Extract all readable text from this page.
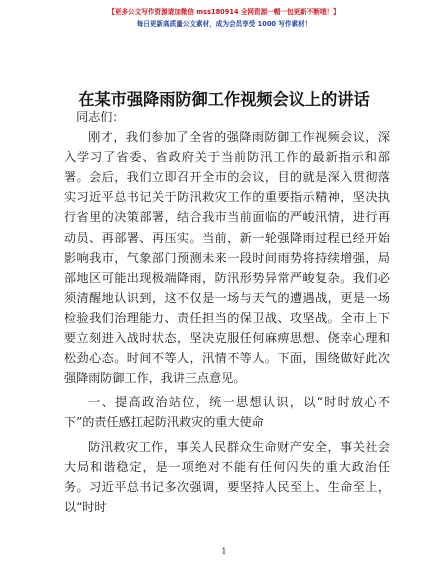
【更多公文写作资源请加微信 mss180914 全网资源一帽一包更新不断哦！】
每日更新高质量公文素材，成为会员享受 1000 写作素材！
在某市强降雨防御工作视频会议上的讲话

同志们：

刚才，我们参加了全省的强降雨防御工作视频会议，深入学习了省委、省政府关于当前防汛工作的最新指示和部署。会后，我们立即召开全市的会议，目的就是深入贯彻落实习近平总书记关于防汛救灾工作的重要指示精神，坚决执行省里的决策部署，结合我市当前面临的严峻汛情，进行再动员、再部署、再压实。当前，新一轮强降雨过程已经开始影响我市，气象部门预测未来一段时间雨势将持续增强，局部地区可能出现极端降雨，防汛形势异常严峻复杂。我们必须清醒地认识到，这不仅是一场与天气的遭遇战，更是一场检验我们治理能力、责任担当的保卫战、攻坚战。全市上下要立刻进入战时状态，坚决克服任何麻痹思想、侥幸心理和松劲心态。时间不等人，汛情不等人。下面，围绕做好此次强降雨防御工作，我讲三点意见。

一、提高政治站位，统一思想认识，以“时时放心不下”的责任感扛起防汛救灾的重大使命

防汛救灾工作，事关人民群众生命财产安全，事关社会大局和谐稳定，是一项绝对不能有任何闪失的重大政治任务。习近平总书记多次强调，要坚持人民至上、生命至上，以“时时

1
